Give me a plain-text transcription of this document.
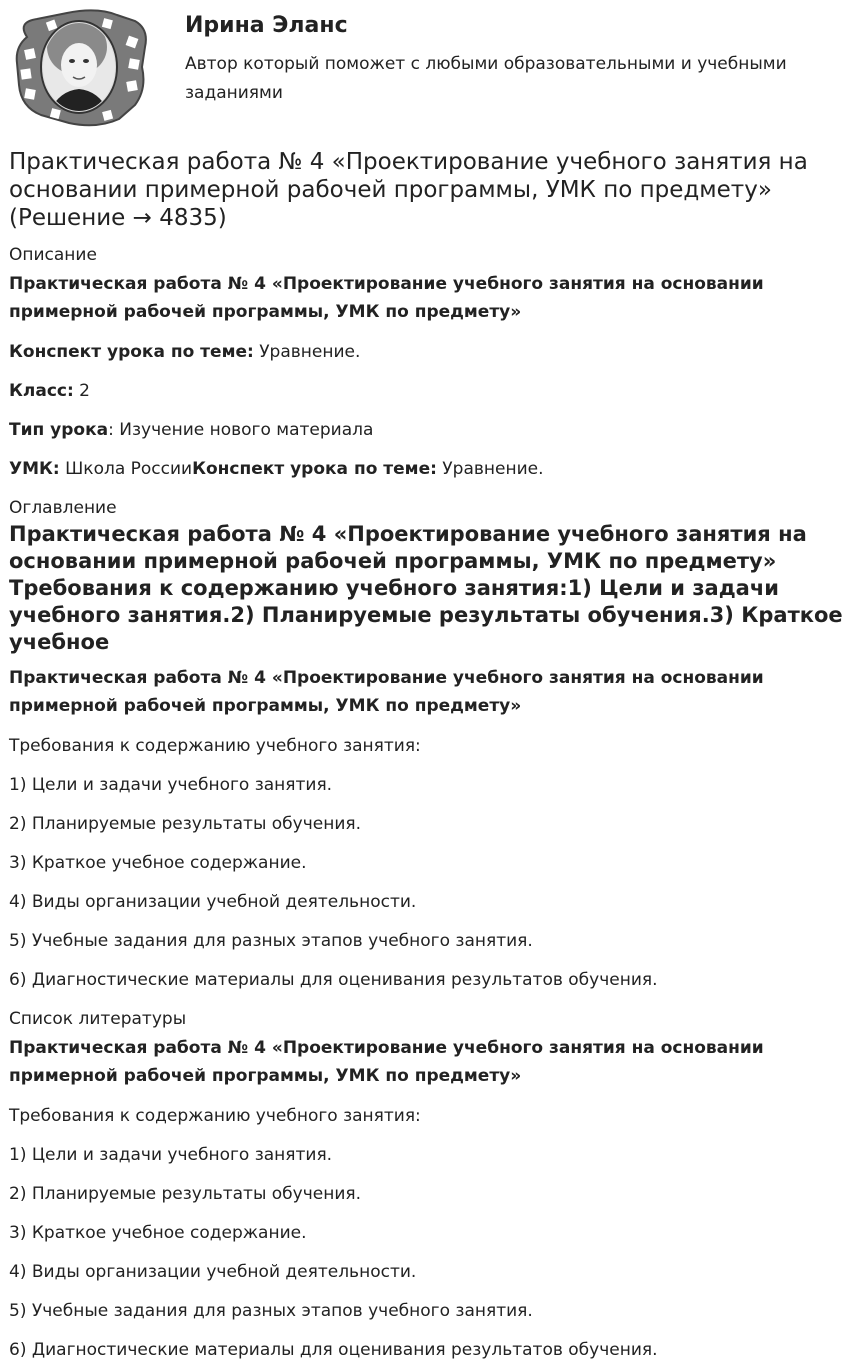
Ирина Эланс
Автор который поможет с любыми образовательными и учебными заданиями
Практическая работа № 4 «Проектирование учебного занятия на основании примерной рабочей программы, УМК по предмету» (Решение → 4835)
Описание
Практическая работа № 4 «Проектирование учебного занятия на основании примерной рабочей программы, УМК по предмету»

Конспект урока по теме: Уравнение.

Класс: 2

Тип урока: Изучение нового материала

УМК: Школа РоссииКонспект урока по теме: Уравнение.

Оглавление
Практическая работа № 4 «Проектирование учебного занятия на основании примерной рабочей программы, УМК по предмету» Требования к содержанию учебного занятия:1) Цели и задачи учебного занятия.2) Планируемые результаты обучения.3) Краткое учебное
Практическая работа № 4 «Проектирование учебного занятия на основании примерной рабочей программы, УМК по предмету»

Требования к содержанию учебного занятия:

1) Цели и задачи учебного занятия.

2) Планируемые результаты обучения.

3) Краткое учебное содержание.

4) Виды организации учебной деятельности.

5) Учебные задания для разных этапов учебного занятия.

6) Диагностические материалы для оценивания результатов обучения.

Список литературы
Практическая работа № 4 «Проектирование учебного занятия на основании примерной рабочей программы, УМК по предмету»

Требования к содержанию учебного занятия:

1) Цели и задачи учебного занятия.

2) Планируемые результаты обучения.

3) Краткое учебное содержание.

4) Виды организации учебной деятельности.

5) Учебные задания для разных этапов учебного занятия.

6) Диагностические материалы для оценивания результатов обучения.
